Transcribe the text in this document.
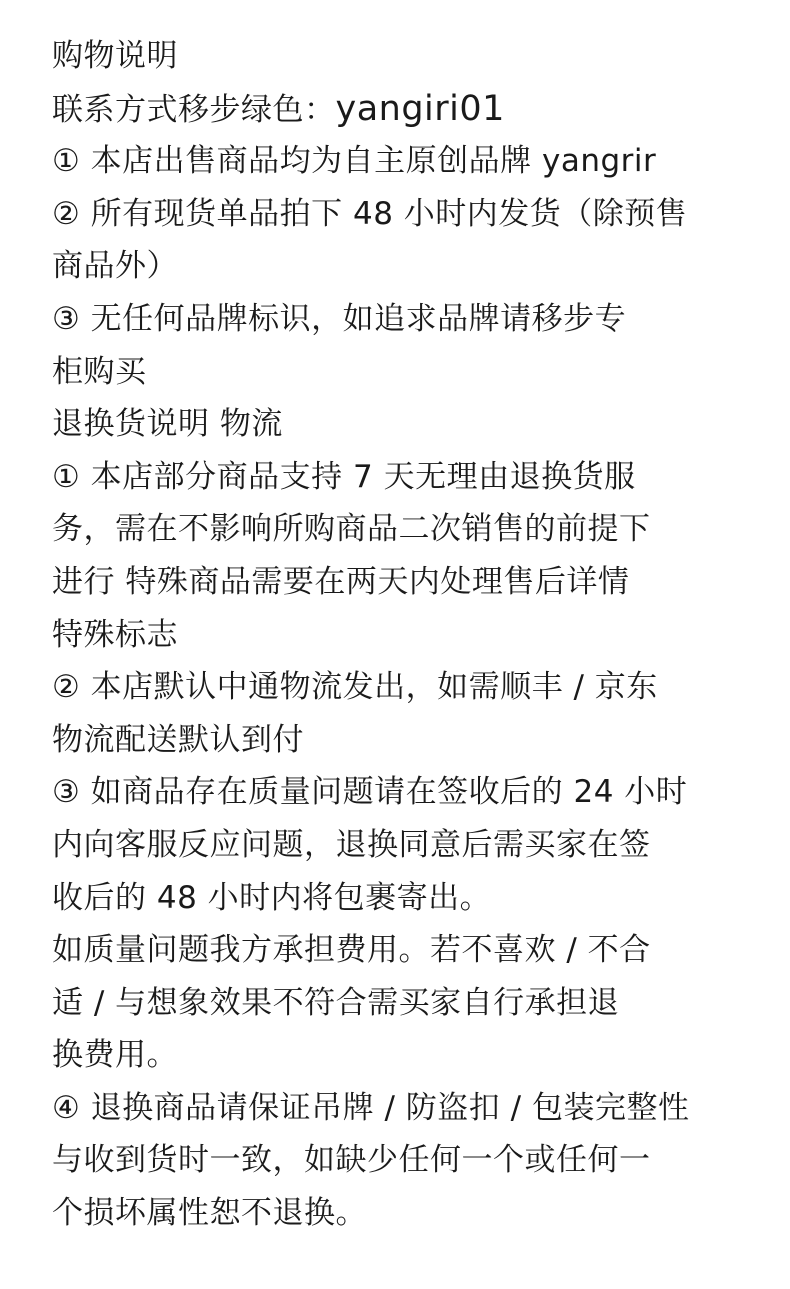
购物说明
联系方式移步绿色：yangiri01
① 本店出售商品均为自主原创品牌 yangrir
② 所有现货单品拍下 48 小时内发货（除预售
商品外）
③ 无任何品牌标识，如追求品牌请移步专
柜购买
退换货说明 物流
① 本店部分商品支持 7 天无理由退换货服
务，需在不影响所购商品二次销售的前提下
进行 特殊商品需要在两天内处理售后详情
特殊标志
② 本店默认中通物流发出，如需顺丰 / 京东
物流配送默认到付
③ 如商品存在质量问题请在签收后的 24 小时
内向客服反应问题，退换同意后需买家在签
收后的 48 小时内将包裹寄出。
如质量问题我方承担费用。若不喜欢 / 不合
适 / 与想象效果不符合需买家自行承担退
换费用。
④ 退换商品请保证吊牌 / 防盗扣 / 包装完整性
与收到货时一致，如缺少任何一个或任何一
个损坏属性恕不退换。
